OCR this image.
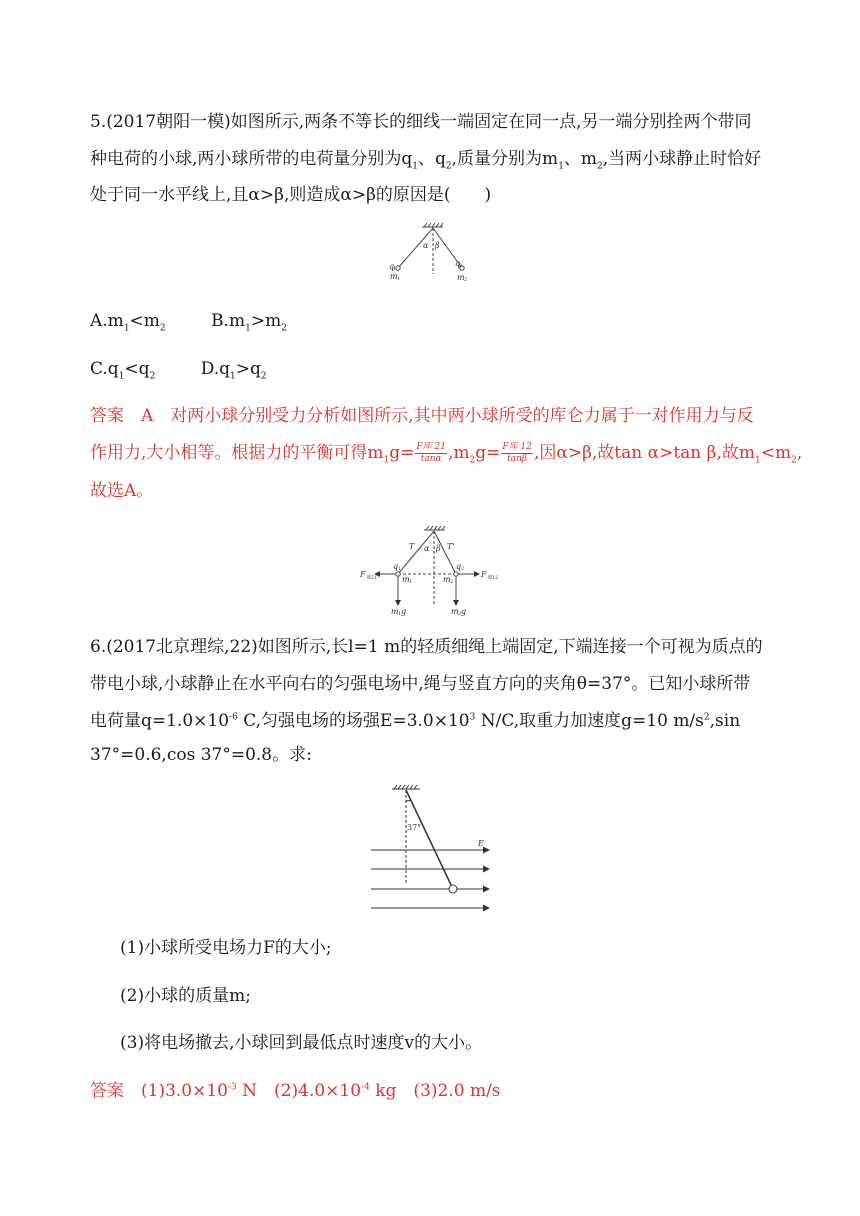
5.(2017朝阳一模)如图所示,两条不等长的细线一端固定在同一点,另一端分别拴两个带同
种电荷的小球,两小球所带的电荷量分别为$q_1$、$q_2$,质量分别为$m_1$、$m_2$,当两小球静止时恰好
处于同一水平线上,且α>β,则造成α>β的原因是(　　)
α β
q
1
m 1
q
2
m 2
$A.m_1<m_2$	$B.m_1>m_2$
$C.q_1<q_2$	$D.q_1>q_2$
答案　A　对两小球分别受力分析如图所示,其中两小球所受的库仑力属于一对作用力与反
作用力,大小相等。根据力的平衡可得$m_1g= \frac{\text{F库 21}}{\tan\alpha} ,m_2g= \frac{\text{F库 12}}{\tan\beta}$ ,因α>β,故tan α>tan β,故$m_1<m_2$,
故选A。
T	T'
α β
q 1	q 2
m 1	m 2
F 库21	F 库12
m 1 g	m 2 g
6.(2017北京理综,22)如图所示,长l=1 m的轻质细绳上端固定,下端连接一个可视为质点的
带电小球,小球静止在水平向右的匀强电场中,绳与竖直方向的夹角θ=37°。已知小球所带
电荷量$q=1.0\times 10^{-6}$ C,匀强电场的场强$E=3.0\times 10^3$ N/C,取重力加速度g=10 $m/s^2,\sin$
37°=0.6,cos 37°=0.8。求:
37°
E
(1)小球所受电场力F的大小;
(2)小球的质量m;
(3)将电场撤去,小球回到最低点时速度v的大小。
答案　$(1)3.0\times 10^{-3}$ N　$(2)4.0\times 10^{-4}$ kg　(3)2.0 m/s
